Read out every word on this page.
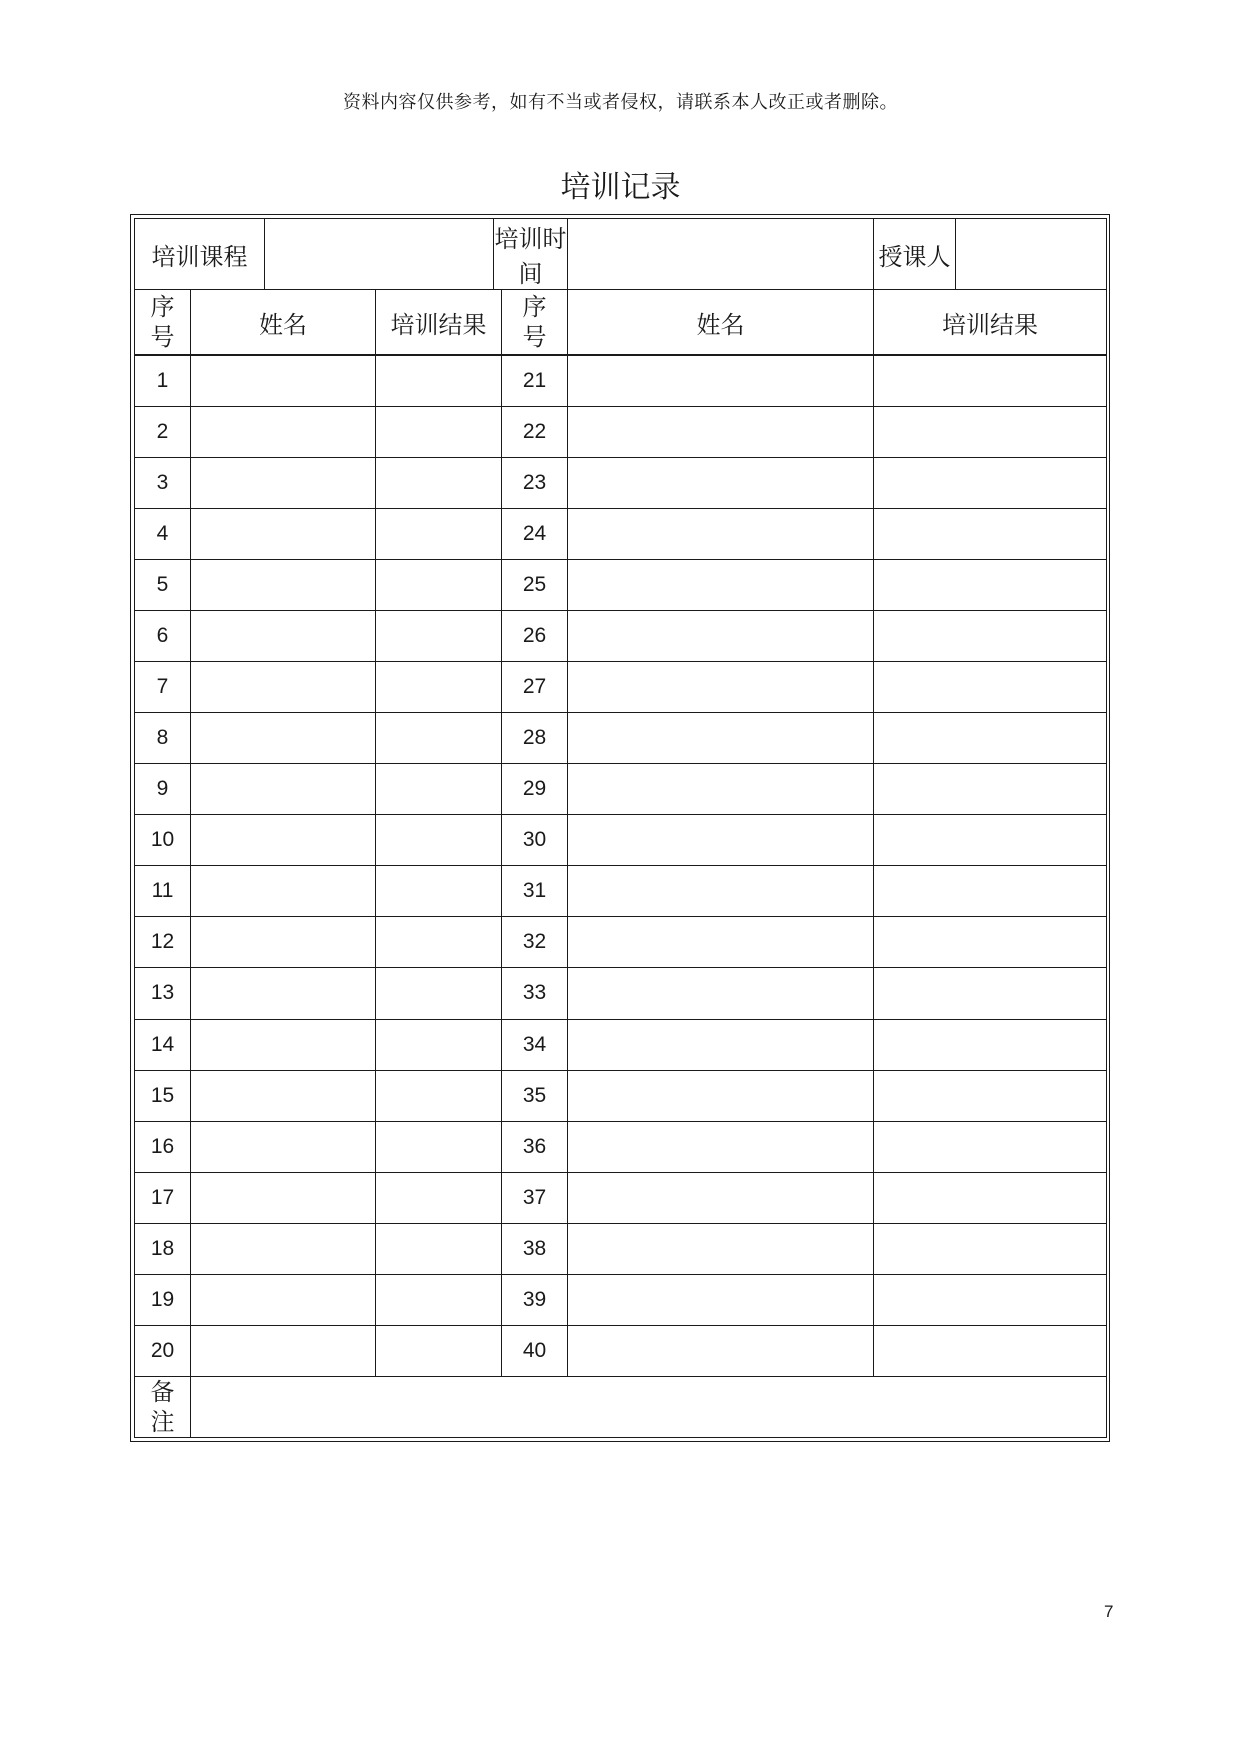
资料内容仅供参考，如有不当或者侵权，请联系本人改正或者删除。
培训记录
培训课程				培训时间			授课人	
序号	姓名		培训结果		序号	姓名	培训结果	
1					21			
2					22			
3					23			
4					24			
5					25			
6					26			
7					27			
8					28			
9					29			
10					30			
11					31			
12					32			
13					33			
14					34			
15					35			
16					36			
17					37			
18					38			
19					39			
20					40			
备注								
7
